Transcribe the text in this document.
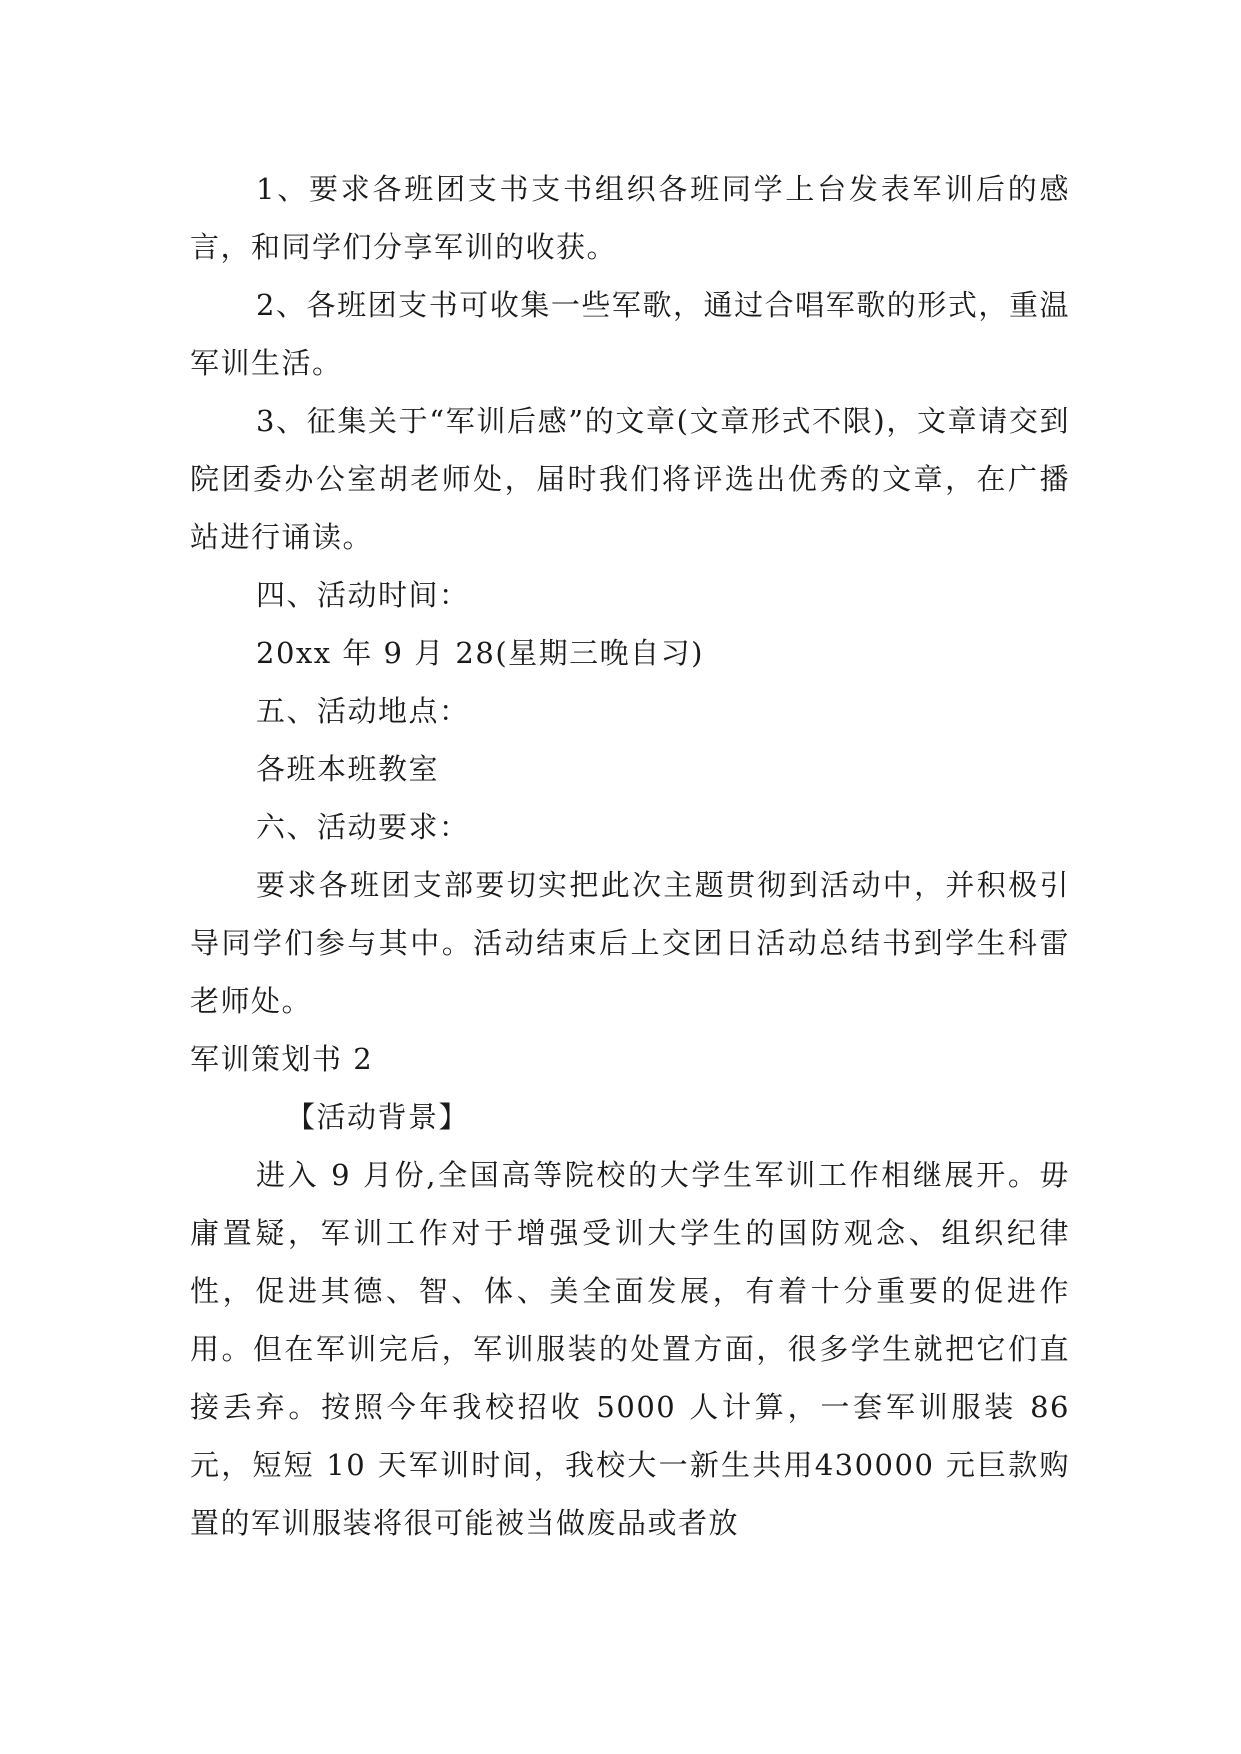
1、要求各班团支书支书组织各班同学上台发表军训后的感言，和同学们分享军训的收获。

2、各班团支书可收集一些军歌，通过合唱军歌的形式，重温军训生活。

3、征集关于“军训后感”的文章(文章形式不限)，文章请交到院团委办公室胡老师处，届时我们将评选出优秀的文章，在广播站进行诵读。

四、活动时间：

20xx 年 9 月 28(星期三晚自习)

五、活动地点：

各班本班教室

六、活动要求：

要求各班团支部要切实把此次主题贯彻到活动中，并积极引导同学们参与其中。活动结束后上交团日活动总结书到学生科雷老师处。

军训策划书 2

【活动背景】

进入 9 月份,全国高等院校的大学生军训工作相继展开。毋庸置疑，军训工作对于增强受训大学生的国防观念、组织纪律性，促进其德、智、体、美全面发展，有着十分重要的促进作用。但在军训完后，军训服装的处置方面，很多学生就把它们直接丢弃。按照今年我校招收 5000 人计算，一套军训服装 86 元，短短 10 天军训时间，我校大一新生共用430000 元巨款购置的军训服装将很可能被当做废品或者放
